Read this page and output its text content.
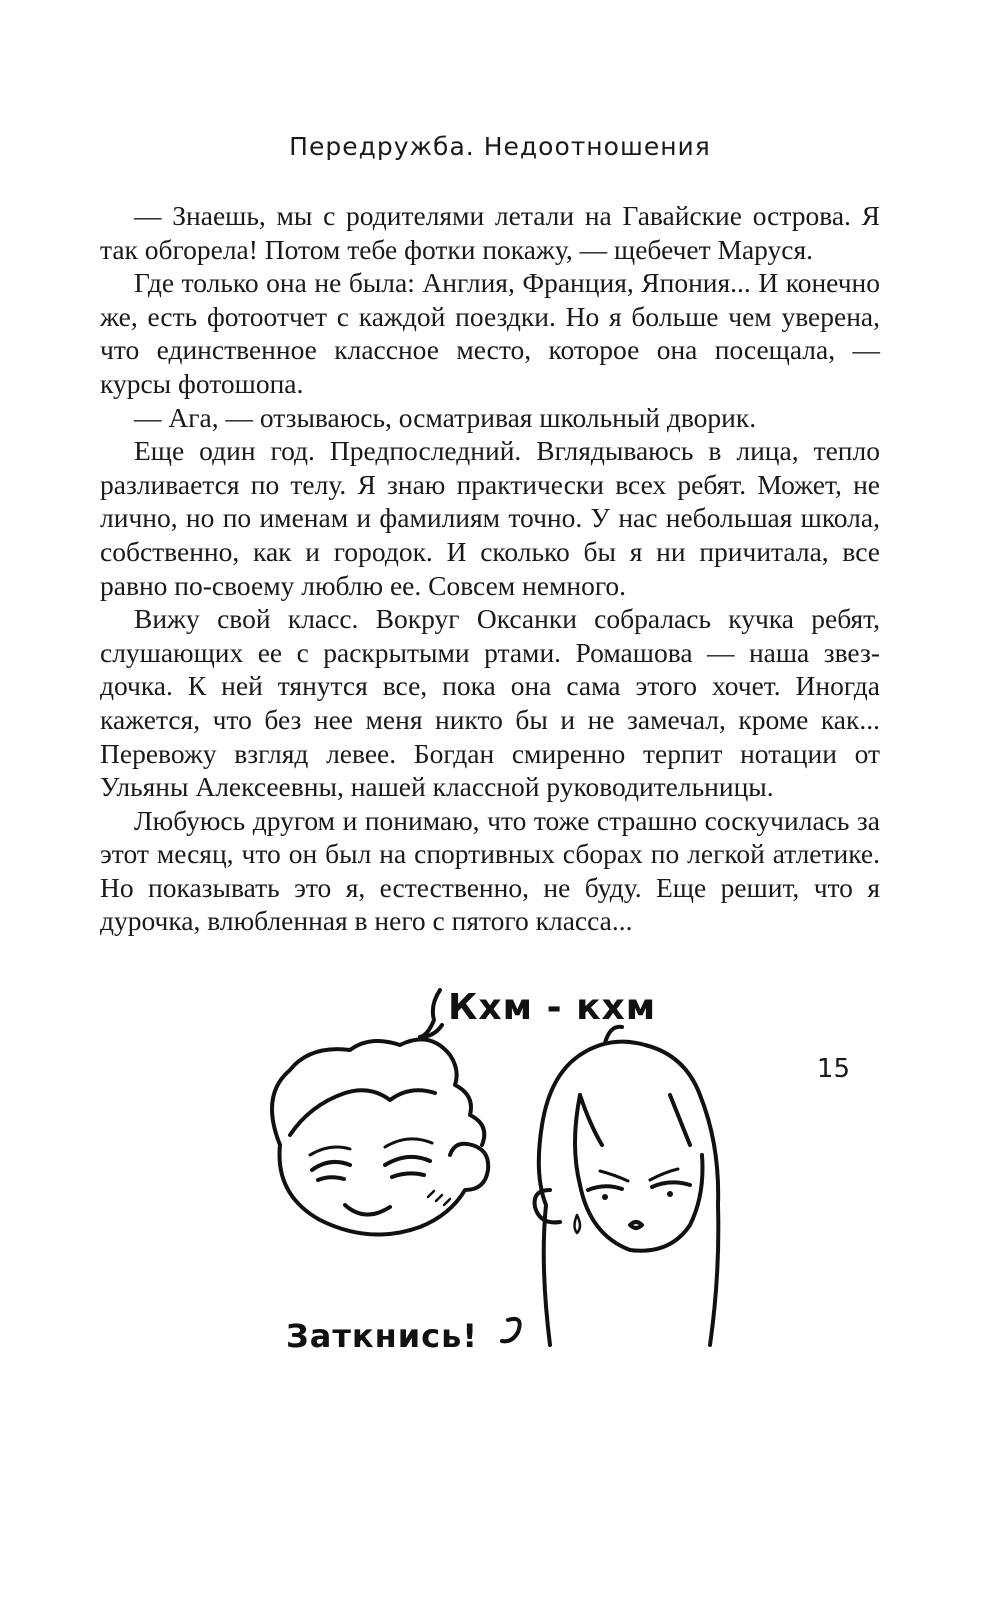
Передружба. Недоотношения

— Знаешь, мы с родителями летали на Гавайские острова. Я так обгорела! Потом тебе фотки покажу, — щебечет Маруся.

Где только она не была: Англия, Франция, Япония... И конечно же, есть фотоотчет с каждой поездки. Но я больше чем уверена, что единственное классное место, которое она посещала, — курсы фотошопа.

— Ага, — отзываюсь, осматривая школьный дворик.

Еще один год. Предпоследний. Вглядываюсь в лица, тепло разливается по телу. Я знаю практически всех ребят. Может, не лично, но по именам и фамилиям точно. У нас небольшая школа, собственно, как и городок. И сколько бы я ни причитала, все равно по-своему люблю ее. Совсем немного.

Вижу свой класс. Вокруг Оксанки собралась кучка ребят, слушающих ее с раскрытыми ртами. Ромашова — наша звездочка. К ней тянутся все, пока она сама этого хочет. Иногда кажется, что без нее меня никто бы и не замечал, кроме как... Перевожу взгляд левее. Богдан смиренно терпит нотации от Ульяны Алексеевны, нашей классной руководительницы.

Любуюсь другом и понимаю, что тоже страшно соскучилась за этот месяц, что он был на спортивных сборах по легкой атлетике. Но показывать это я, естественно, не буду. Еще решит, что я дурочка, влюбленная в него с пятого класса...

Кхм - кхм
Заткнись!
15
